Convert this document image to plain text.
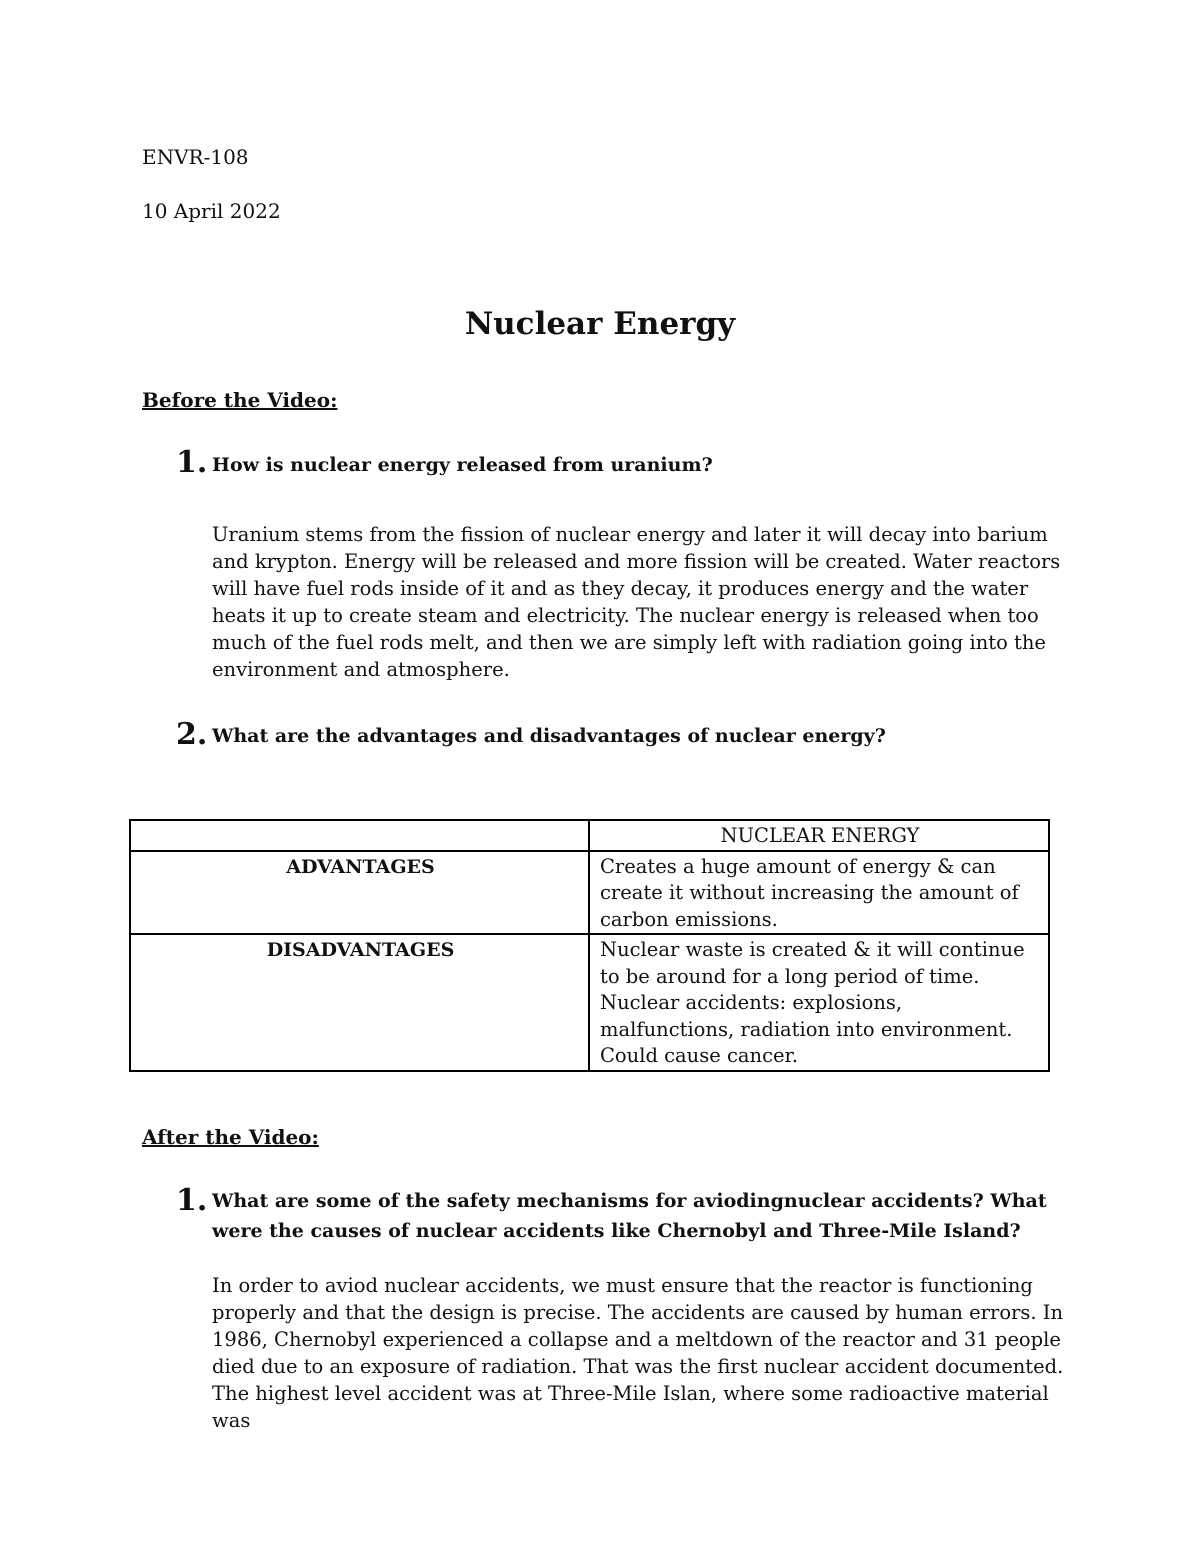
ENVR-108
10 April 2022
Nuclear Energy
Before the Video:
1. How is nuclear energy released from uranium?
Uranium stems from the fission of nuclear energy and later it will decay into barium and krypton. Energy will be released and more fission will be created. Water reactors will have fuel rods inside of it and as they decay, it produces energy and the water heats it up to create steam and electricity. The nuclear energy is released when too much of the fuel rods melt, and then we are simply left with radiation going into the environment and atmosphere.
2. What are the advantages and disadvantages of nuclear energy?
	NUCLEAR ENERGY
ADVANTAGES	Creates a huge amount of energy & can create it without increasing the amount of carbon emissions.
DISADVANTAGES	Nuclear waste is created & it will continue to be around for a long period of time. Nuclear accidents: explosions, malfunctions, radiation into environment. Could cause cancer.
After the Video:
1. What are some of the safety mechanisms for aviodingnuclear accidents? What were the causes of nuclear accidents like Chernobyl and Three-Mile Island?
In order to aviod nuclear accidents, we must ensure that the reactor is functioning properly and that the design is precise. The accidents are caused by human errors. In 1986, Chernobyl experienced a collapse and a meltdown of the reactor and 31 people died due to an exposure of radiation. That was the first nuclear accident documented. The highest level accident was at Three-Mile Islan, where some radioactive material was
